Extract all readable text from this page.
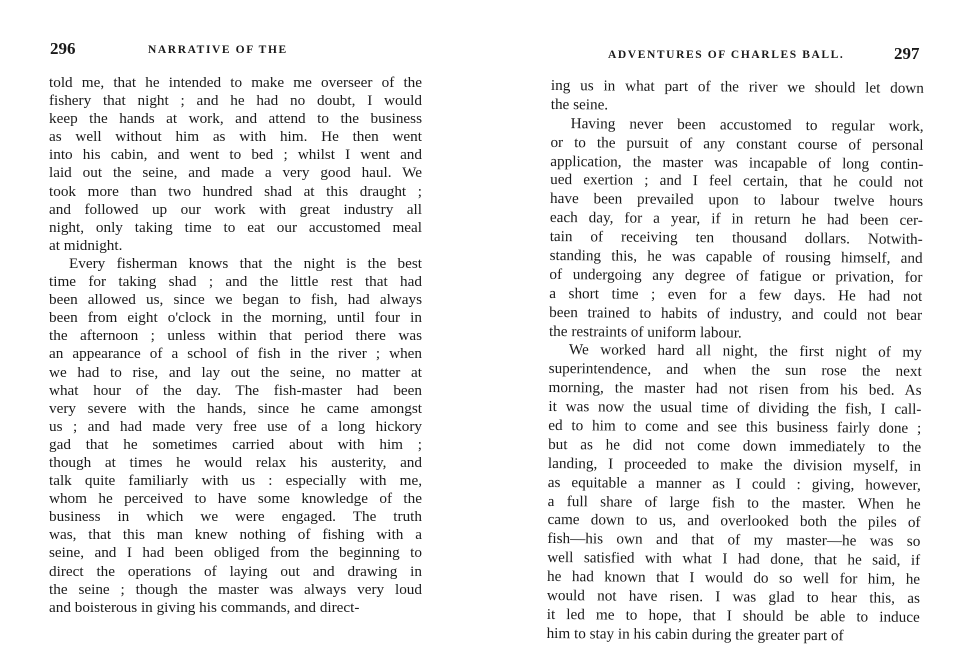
296	NARRATIVE OF THE
told me, that he intended to make me overseer of the
fishery that night ; and he had no doubt, I would
keep the hands at work, and attend to the business
as well without him as with him. He then went
into his cabin, and went to bed ; whilst I went and
laid out the seine, and made a very good haul. We
took more than two hundred shad at this draught ;
and followed up our work with great industry all
night, only taking time to eat our accustomed meal
at midnight.
Every fisherman knows that the night is the best
time for taking shad ; and the little rest that had
been allowed us, since we began to fish, had always
been from eight o'clock in the morning, until four in
the afternoon ; unless within that period there was
an appearance of a school of fish in the river ; when
we had to rise, and lay out the seine, no matter at
what hour of the day. The fish-master had been
very severe with the hands, since he came amongst
us ; and had made very free use of a long hickory
gad that he sometimes carried about with him ;
though at times he would relax his austerity, and
talk quite familiarly with us : especially with me,
whom he perceived to have some knowledge of the
business in which we were engaged. The truth
was, that this man knew nothing of fishing with a
seine, and I had been obliged from the beginning to
direct the operations of laying out and drawing in
the seine ; though the master was always very loud
and boisterous in giving his commands, and direct-
ADVENTURES OF CHARLES BALL.	297
ing us in what part of the river we should let down
the seine.
Having never been accustomed to regular work,
or to the pursuit of any constant course of personal
application, the master was incapable of long contin-
ued exertion ; and I feel certain, that he could not
have been prevailed upon to labour twelve hours
each day, for a year, if in return he had been cer-
tain of receiving ten thousand dollars. Notwith-
standing this, he was capable of rousing himself, and
of undergoing any degree of fatigue or privation, for
a short time ; even for a few days. He had not
been trained to habits of industry, and could not bear
the restraints of uniform labour.
We worked hard all night, the first night of my
superintendence, and when the sun rose the next
morning, the master had not risen from his bed. As
it was now the usual time of dividing the fish, I call-
ed to him to come and see this business fairly done ;
but as he did not come down immediately to the
landing, I proceeded to make the division myself, in
as equitable a manner as I could : giving, however,
a full share of large fish to the master. When he
came down to us, and overlooked both the piles of
fish—his own and that of my master—he was so
well satisfied with what I had done, that he said, if
he had known that I would do so well for him, he
would not have risen. I was glad to hear this, as
it led me to hope, that I should be able to induce
him to stay in his cabin during the greater part of
